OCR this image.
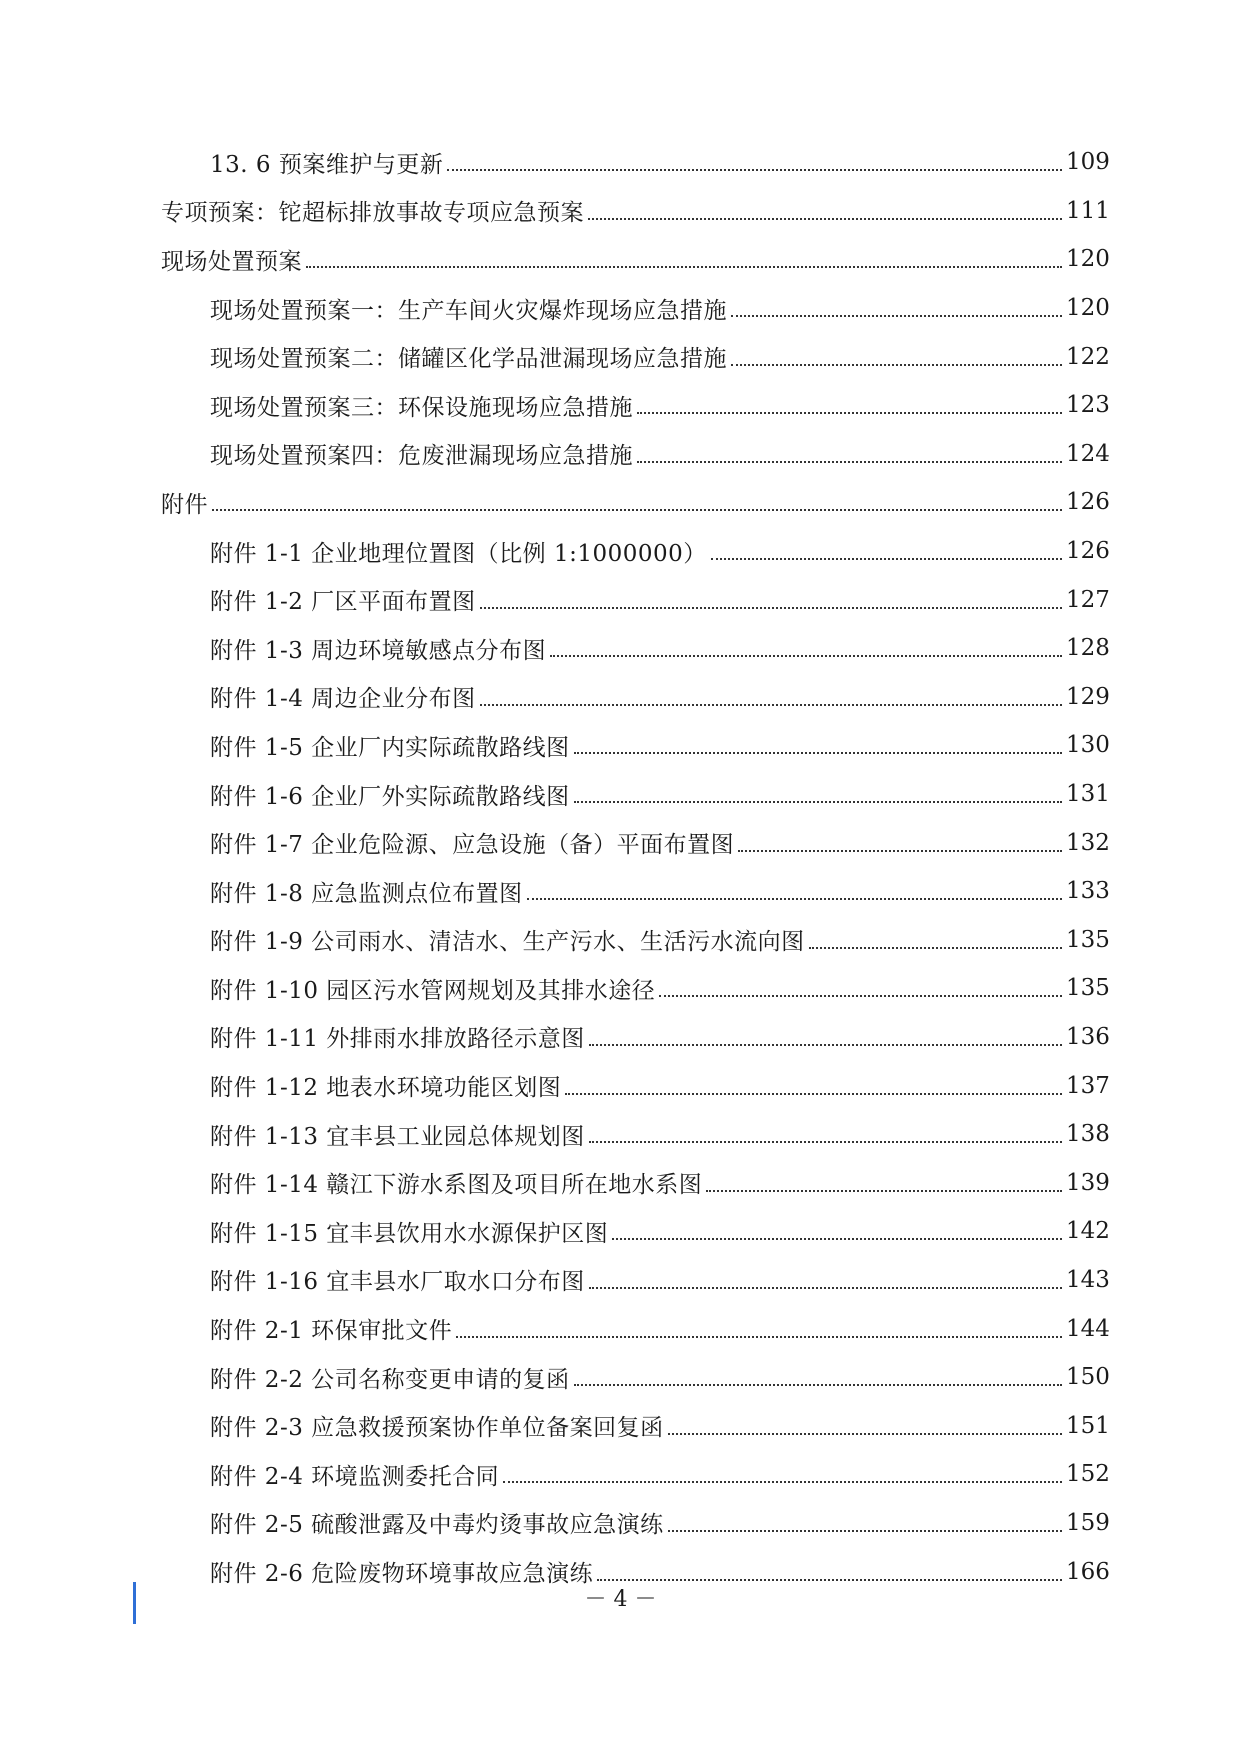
13. 6 预案维护与更新	109
专项预案：铊超标排放事故专项应急预案	111
现场处置预案	120
现场处置预案一：生产车间火灾爆炸现场应急措施	120
现场处置预案二：储罐区化学品泄漏现场应急措施	122
现场处置预案三：环保设施现场应急措施	123
现场处置预案四：危废泄漏现场应急措施	124
附件	126
附件 1-1 企业地理位置图（比例 1:1000000）	126
附件 1-2 厂区平面布置图	127
附件 1-3 周边环境敏感点分布图	128
附件 1-4 周边企业分布图	129
附件 1-5 企业厂内实际疏散路线图	130
附件 1-6 企业厂外实际疏散路线图	131
附件 1-7 企业危险源、应急设施（备）平面布置图	132
附件 1-8 应急监测点位布置图	133
附件 1-9 公司雨水、清洁水、生产污水、生活污水流向图	135
附件 1-10 园区污水管网规划及其排水途径	135
附件 1-11 外排雨水排放路径示意图	136
附件 1-12 地表水环境功能区划图	137
附件 1-13 宜丰县工业园总体规划图	138
附件 1-14 赣江下游水系图及项目所在地水系图	139
附件 1-15 宜丰县饮用水水源保护区图	142
附件 1-16 宜丰县水厂取水口分布图	143
附件 2-1 环保审批文件	144
附件 2-2 公司名称变更申请的复函	150
附件 2-3 应急救援预案协作单位备案回复函	151
附件 2-4 环境监测委托合同	152
附件 2-5 硫酸泄露及中毒灼烫事故应急演练	159
附件 2-6 危险废物环境事故应急演练	166
－ 4 －
